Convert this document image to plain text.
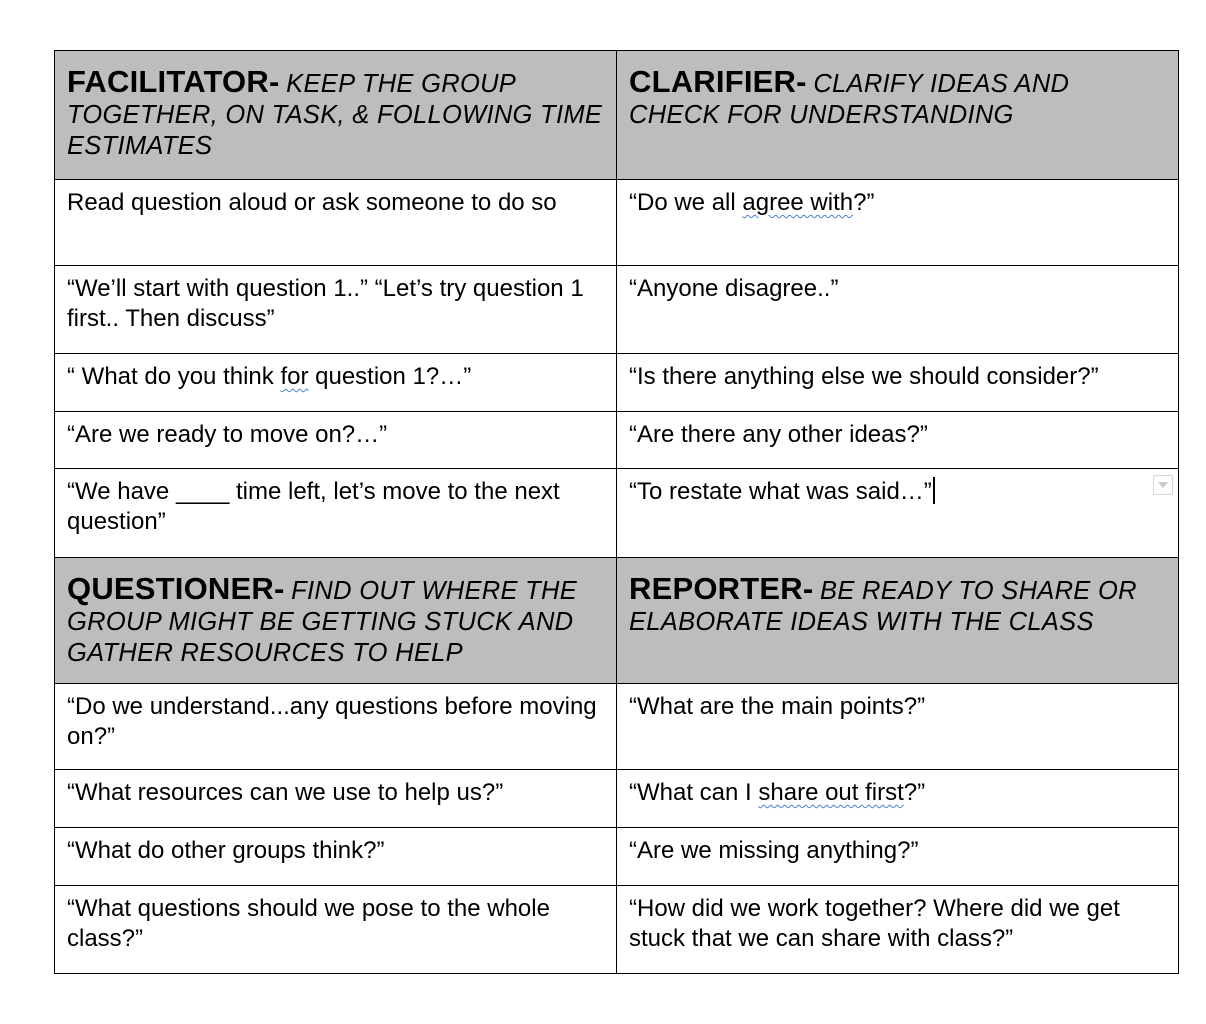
FACILITATOR- KEEP THE GROUP TOGETHER, ON TASK, & FOLLOWING TIME ESTIMATES	CLARIFIER- CLARIFY IDEAS AND CHECK FOR UNDERSTANDING
Read question aloud or ask someone to do so	“Do we all agree with?”
“We’ll start with question 1..” “Let’s try question 1 first.. Then discuss”	“Anyone disagree..”
“ What do you think for question 1?…”	“Is there anything else we should consider?”
“Are we ready to move on?…”	“Are there any other ideas?”
“We have ____ time left, let’s move to the next question”	“To restate what was said…”

QUESTIONER- FIND OUT WHERE THE GROUP MIGHT BE GETTING STUCK AND GATHER RESOURCES TO HELP	REPORTER- BE READY TO SHARE OR ELABORATE IDEAS WITH THE CLASS
“Do we understand...any questions before moving on?”	“What are the main points?”
“What resources can we use to help us?”	“What can I share out first?”
“What do other groups think?”	“Are we missing anything?”
“What questions should we pose to the whole class?”	“How did we work together? Where did we get stuck that we can share with class?”
